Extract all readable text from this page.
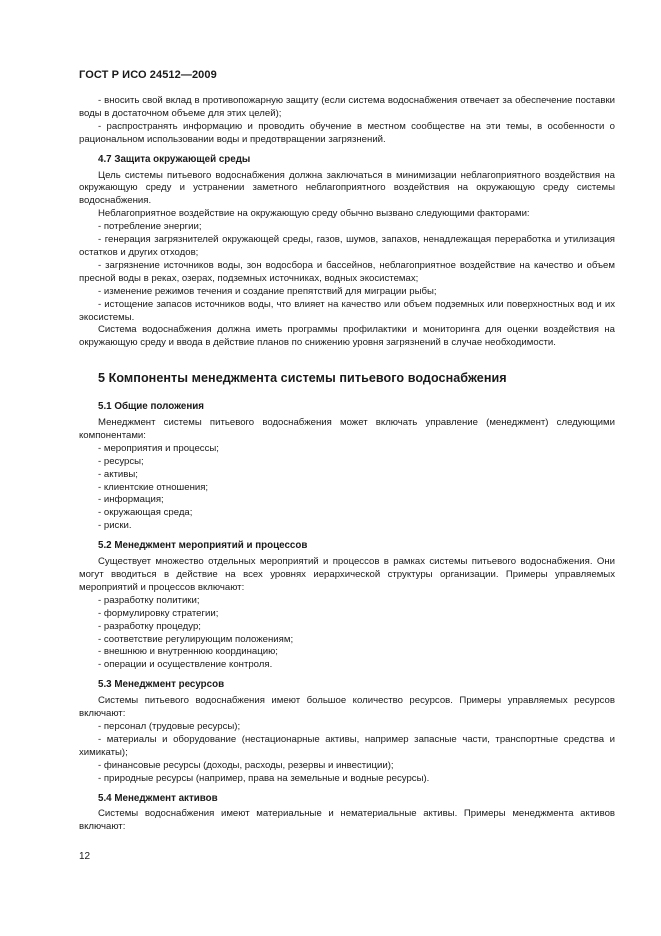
ГОСТ Р ИСО 24512—2009

- вносить свой вклад в противопожарную защиту (если система водоснабжения отвечает за обеспечение поставки воды в достаточном объеме для этих целей);

- распространять информацию и проводить обучение в местном сообществе на эти темы, в особенности о рациональном использовании воды и предотвращении загрязнений.

4.7 Защита окружающей среды

Цель системы питьевого водоснабжения должна заключаться в минимизации неблагоприятного воздействия на окружающую среду и устранении заметного неблагоприятного воздействия на окружающую среду системы водоснабжения.

Неблагоприятное воздействие на окружающую среду обычно вызвано следующими факторами:

- потребление энергии;

- генерация загрязнителей окружающей среды, газов, шумов, запахов, ненадлежащая переработка и утилизация остатков и других отходов;

- загрязнение источников воды, зон водосбора и бассейнов, неблагоприятное воздействие на качество и объем пресной воды в реках, озерах, подземных источниках, водных экосистемах;

- изменение режимов течения и создание препятствий для миграции рыбы;

- истощение запасов источников воды, что влияет на качество или объем подземных или поверхностных вод и их экосистемы.

Система водоснабжения должна иметь программы профилактики и мониторинга для оценки воздействия на окружающую среду и ввода в действие планов по снижению уровня загрязнений в случае необходимости.

5 Компоненты менеджмента системы питьевого водоснабжения
5.1 Общие положения

Менеджмент системы питьевого водоснабжения может включать управление (менеджмент) следующими компонентами:

- мероприятия и процессы;

- ресурсы;

- активы;

- клиентские отношения;

- информация;

- окружающая среда;

- риски.

5.2 Менеджмент мероприятий и процессов

Существует множество отдельных мероприятий и процессов в рамках системы питьевого водоснабжения. Они могут вводиться в действие на всех уровнях иерархической структуры организации. Примеры управляемых мероприятий и процессов включают:

- разработку политики;

- формулировку стратегии;

- разработку процедур;

- соответствие регулирующим положениям;

- внешнюю и внутреннюю координацию;

- операции и осуществление контроля.

5.3 Менеджмент ресурсов

Системы питьевого водоснабжения имеют большое количество ресурсов. Примеры управляемых ресурсов включают:

- персонал (трудовые ресурсы);

- материалы и оборудование (нестационарные активы, например запасные части, транспортные средства и химикаты);

- финансовые ресурсы (доходы, расходы, резервы и инвестиции);

- природные ресурсы (например, права на земельные и водные ресурсы).

5.4 Менеджмент активов

Системы водоснабжения имеют материальные и нематериальные активы. Примеры менеджмента активов включают:

12
